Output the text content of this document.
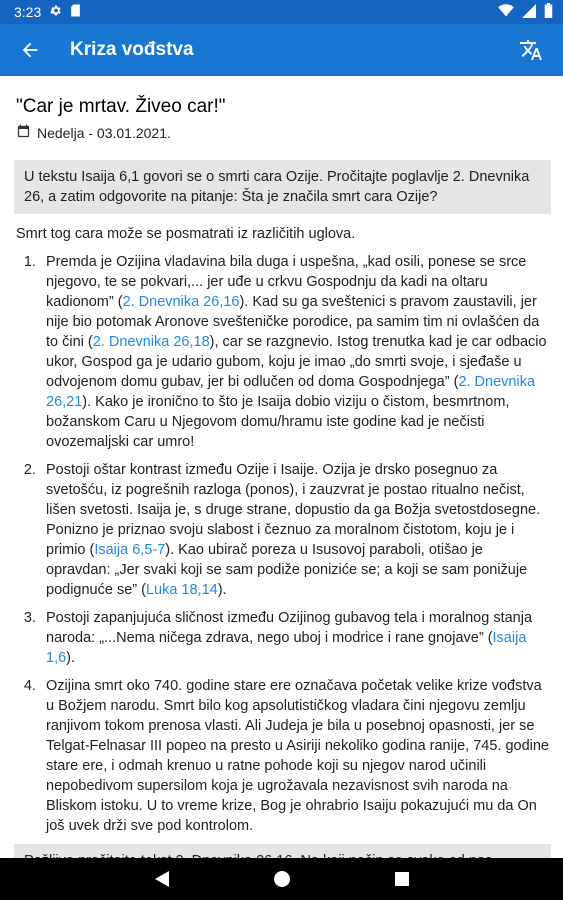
3:23
Kriza vođstva
"Car je mrtav. Živeo car!"
Nedelja - 03.01.2021.
U tekstu Isaija 6,1 govori se o smrti cara Ozije. Pročitajte poglavlje 2. Dnevnika 26, a zatim odgovorite na pitanje: Šta je značila smrt cara Ozije?

Smrt tog cara može se posmatrati iz različitih uglova.

1. Premda je Ozijina vladavina bila duga i uspešna, „kad osili, ponese se srce njegovo, te se pokvari,... jer uđe u crkvu Gospodnju da kadi na oltaru kadionom” (2. Dnevnika 26,16). Kad su ga sveštenici s pravom zaustavili, jer nije bio potomak Aronove svešteničke porodice, pa samim tim ni ovlašćen da to čini (2. Dnevnika 26,18), car se razgnevio. Istog trenutka kad je car odbacio ukor, Gospod ga je udario gubom, koju je imao „do smrti svoje, i sjeđaše u odvojenom domu gubav, jer bi odlučen od doma Gospodnjega” (2. Dnevnika 26,21). Kako je ironično to što je Isaija dobio viziju o čistom, besmrtnom, božanskom Caru u Njegovom domu/hramu iste godine kad je nečisti ovozemaljski car umro!
2. Postoji oštar kontrast između Ozije i Isaije. Ozija je drsko posegnuo za svetošću, iz pogrešnih razloga (ponos), i zauzvrat je postao ritualno nečist, lišen svetosti. Isaija je, s druge strane, dopustio da ga Božja svetostdosegne. Ponizno je priznao svoju slabost i čeznuo za moralnom čistotom, koju je i primio (Isaija 6,5-7). Kao ubirač poreza u Isusovoj paraboli, otišao je opravdan: „Jer svaki koji se sam podiže poniziće se; a koji se sam ponižuje podignuće se” (Luka 18,14).
3. Postoji zapanjujuća sličnost između Ozijinog gubavog tela i moralnog stanja naroda: „...Nema ničega zdrava, nego uboj i modrice i rane gnojave” (Isaija 1,6).
4. Ozijina smrt oko 740. godine stare ere označava početak velike krize vođstva u Božjem narodu. Smrt bilo kog apsolutističkog vladara čini njegovu zemlju ranjivom tokom prenosa vlasti. Ali Judeja je bila u posebnoj opasnosti, jer se Telgat-Felnasar III popeo na presto u Asiriji nekoliko godina ranije, 745. godine stare ere, i odmah krenuo u ratne pohode koji su njegov narod učinili nepobedivom supersilom koja je ugrožavala nezavisnost svih naroda na Bliskom istoku. U to vreme krize, Bog je ohrabrio Isaiju pokazujući mu da On još uvek drži sve pod kontrolom.
